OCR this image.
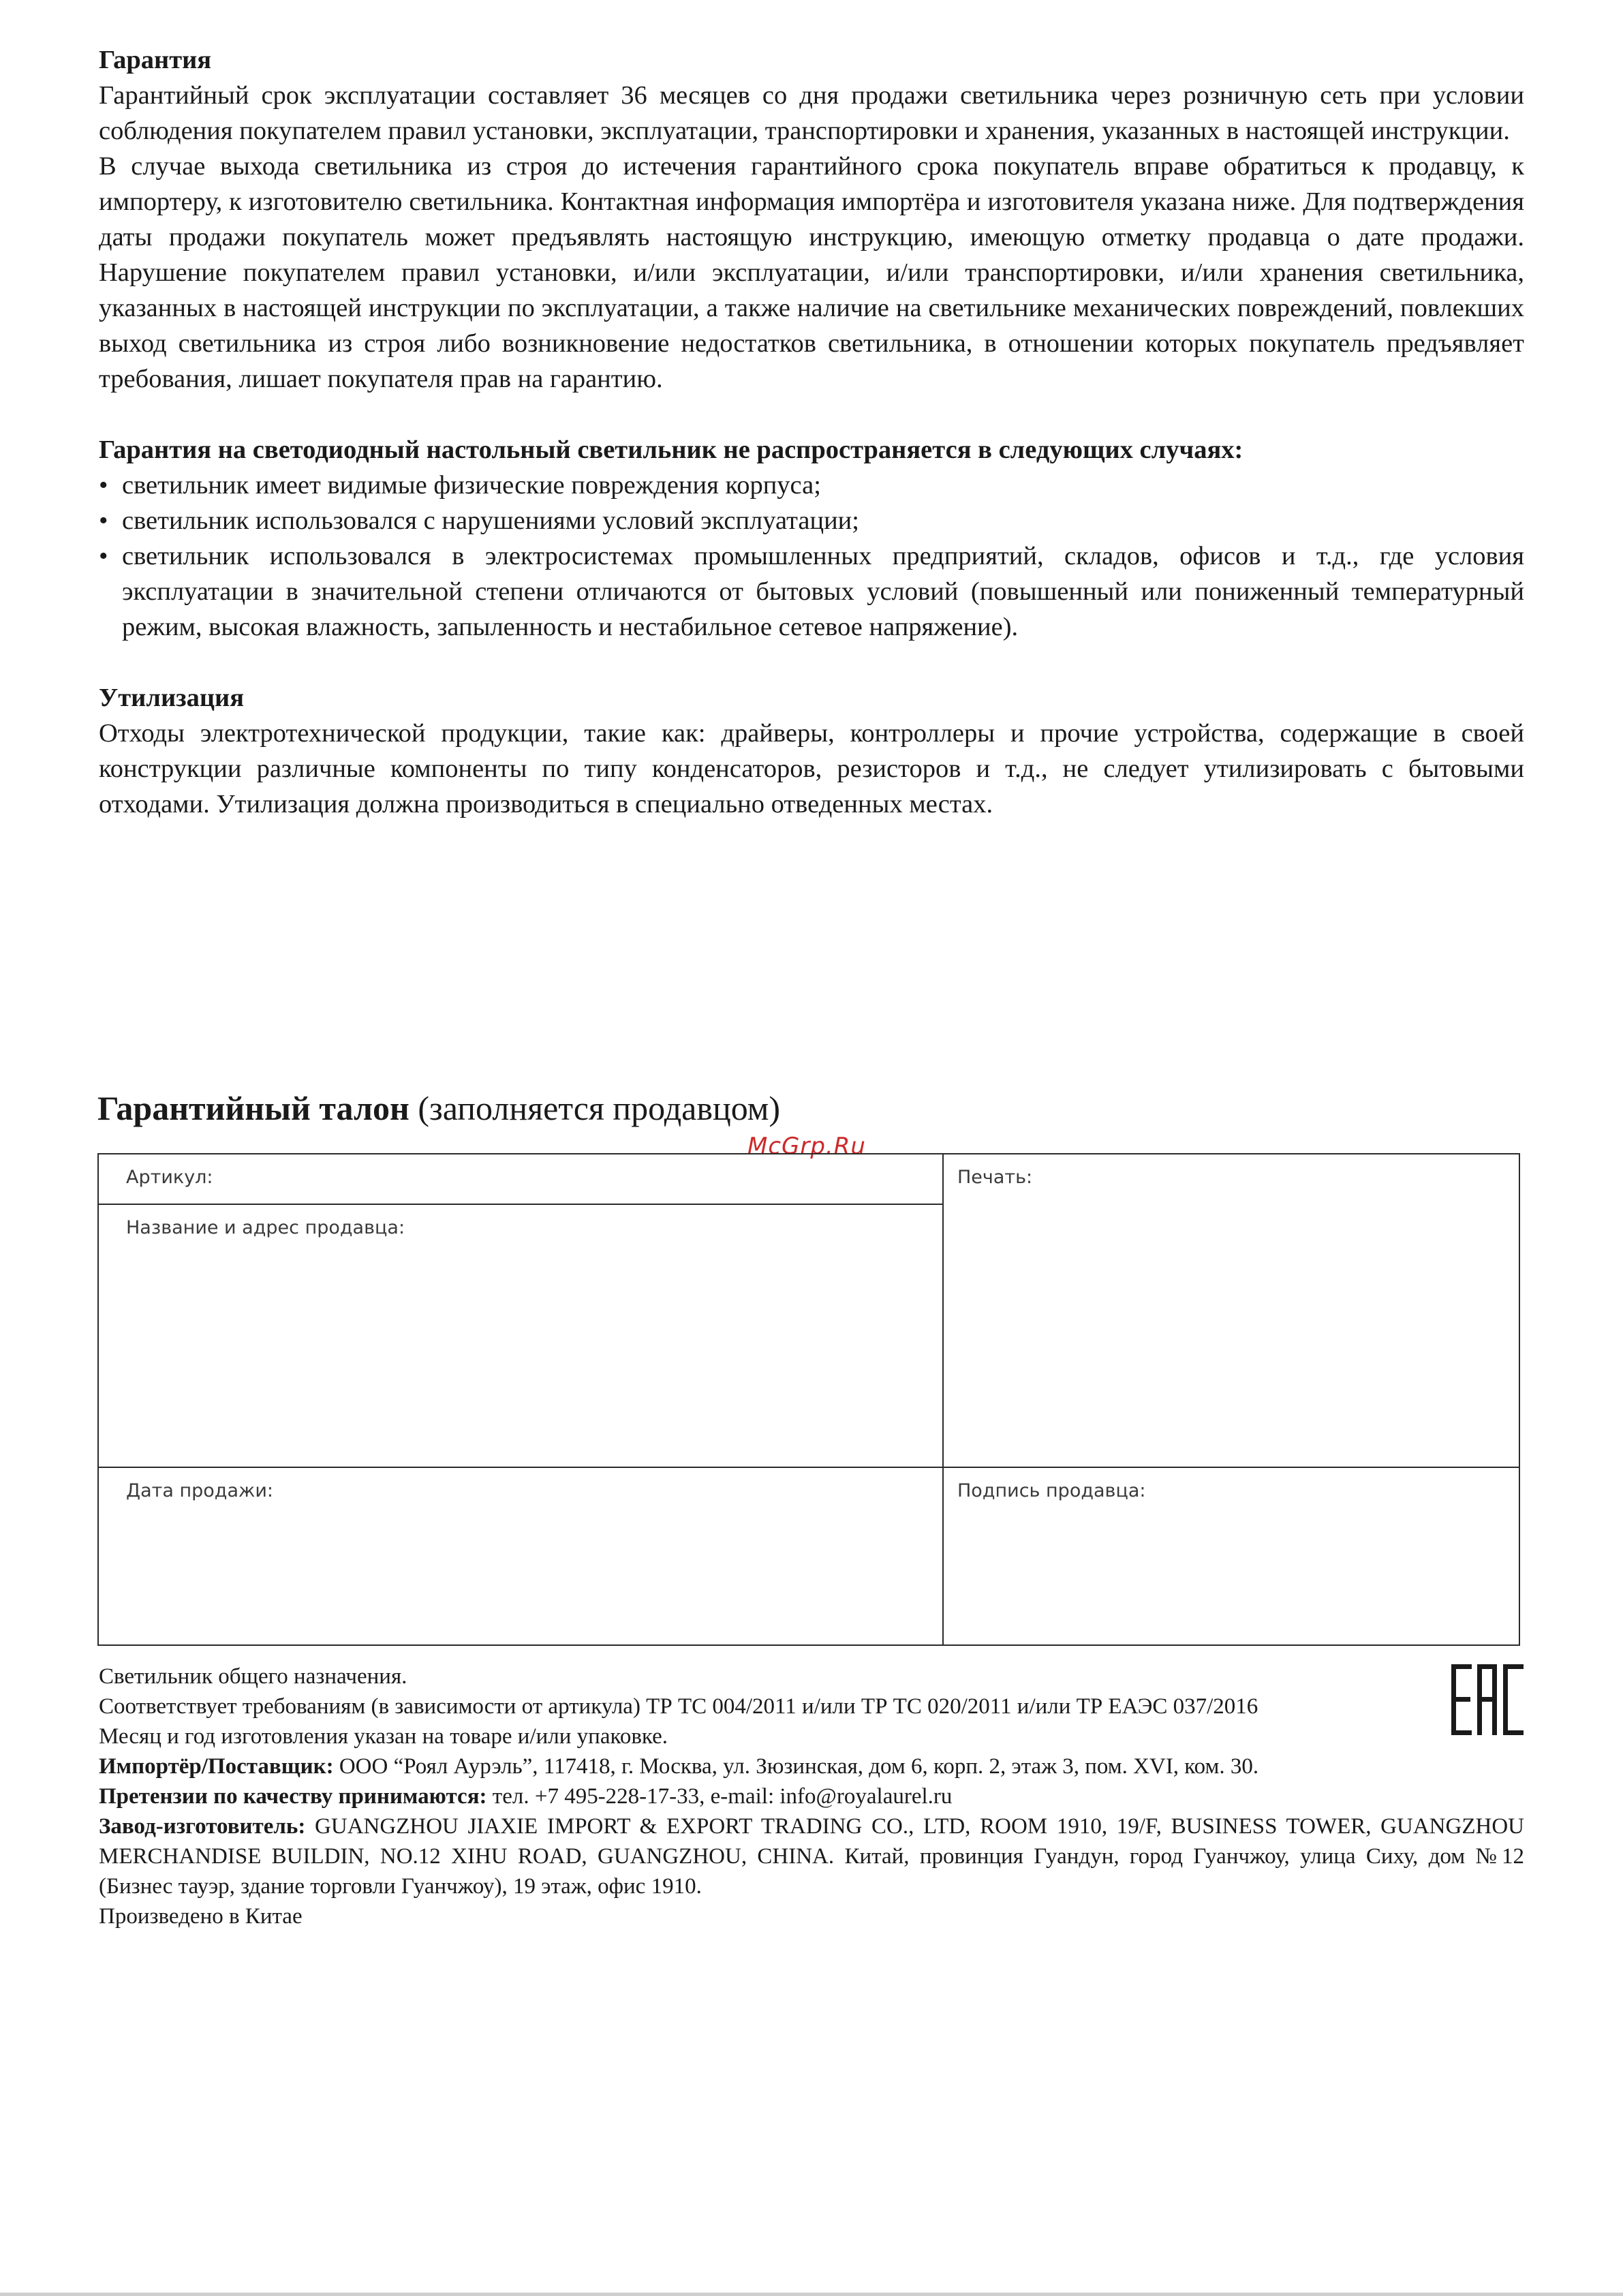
Гарантия

Гарантийный срок эксплуатации составляет 36 месяцев со дня продажи светильника через розничную сеть при условии соблюдения покупателем правил установки, эксплуатации, транспортировки и хранения, указанных в настоящей инструкции.

В случае выхода светильника из строя до истечения гарантийного срока покупатель вправе обратиться к продавцу, к импортеру, к изготовителю светильника. Контактная информация импортёра и изготовителя указана ниже. Для подтверждения даты продажи покупатель может предъявлять настоящую инструкцию, имеющую отметку продавца о дате продажи. Нарушение покупателем правил установки, и/или эксплуатации, и/или транспортировки, и/или хранения светильника, указанных в настоящей инструкции по эксплуатации, а также наличие на светильнике механических повреждений, повлекших выход светильника из строя либо возникновение недостатков светильника, в отношении которых покупатель предъявляет требования, лишает покупателя прав на гарантию.

Гарантия на светодиодный настольный светильник не распространяется в следующих случаях:

• светильник имеет видимые физические повреждения корпуса;
• светильник использовался с нарушениями условий эксплуатации;
• светильник использовался в электросистемах промышленных предприятий, складов, офисов и т.д., где условия эксплуатации в значительной степени отличаются от бытовых условий (повышенный или пониженный температурный режим, высокая влажность, запыленность и нестабильное сетевое напряжение).

Утилизация

Отходы электротехнической продукции, такие как: драйверы, контроллеры и прочие устройства, содержащие в своей конструкции различные компоненты по типу конденсаторов, резисторов и т.д., не следует утилизировать с бытовыми отходами. Утилизация должна производиться в специально отведенных местах.

Гарантийный талон (заполняется продавцом)
McGrp.Ru
Артикул:
Название и адрес продавца:
Печать:
Дата продажи:	Подпись продавца:

Светильник общего назначения.

Соответствует требованиям (в зависимости от артикула) ТР ТС 004/2011 и/или ТР ТС 020/2011 и/или ТР ЕАЭС 037/2016

Месяц и год изготовления указан на товаре и/или упаковке.

Импортёр/Поставщик: ООО “Роял Аурэль”, 117418, г. Москва, ул. Зюзинская, дом 6, корп. 2, этаж 3, пом. XVI, ком. 30.

Претензии по качеству принимаются: тел. +7 495-228-17-33, e-mail: info@royalaurel.ru

Завод-изготовитель: GUANGZHOU JIAXIE IMPORT & EXPORT TRADING CO., LTD, ROOM 1910, 19/F, BUSINESS TOWER, GUANGZHOU MERCHANDISE BUILDIN, NO.12 XIHU ROAD, GUANGZHOU, CHINA. Китай, провинция Гуандун, город Гуанчжоу, улица Сиху, дом №12 (Бизнес тауэр, здание торговли Гуанчжоу), 19 этаж, офис 1910.

Произведено в Китае
